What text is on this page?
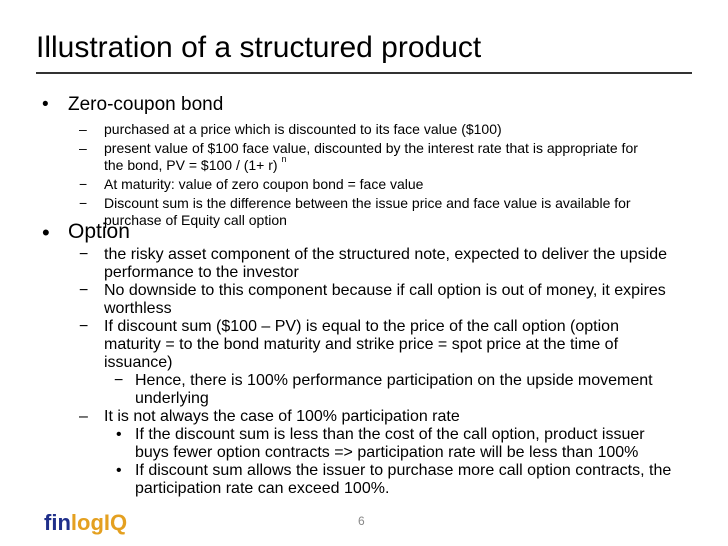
Illustration of a structured product
• Zero-coupon bond
– purchased at a price which is discounted to its face value ($100)
– present value of $100 face value, discounted by the interest rate that is appropriate for
the bond, PV = $100 / (1+ r) $^n$
− At maturity: value of zero coupon bond = face value
− Discount sum is the difference between the issue price and face value is available for
purchase of Equity call option
• Option
− the risky asset component of the structured note, expected to deliver the upside
performance to the investor
− No downside to this component because if call option is out of money, it expires
worthless
− If discount sum ($100 – PV) is equal to the price of the call option (option
maturity = to the bond maturity and strike price = spot price at the time of
issuance)
− Hence, there is 100% performance participation on the upside movement
underlying
– It is not always the case of 100% participation rate
• If the discount sum is less than the cost of the call option, product issuer
buys fewer option contracts => participation rate will be less than 100%
• If discount sum allows the issuer to purchase more call option contracts, the
participation rate can exceed 100%.
finlogIQ	6
